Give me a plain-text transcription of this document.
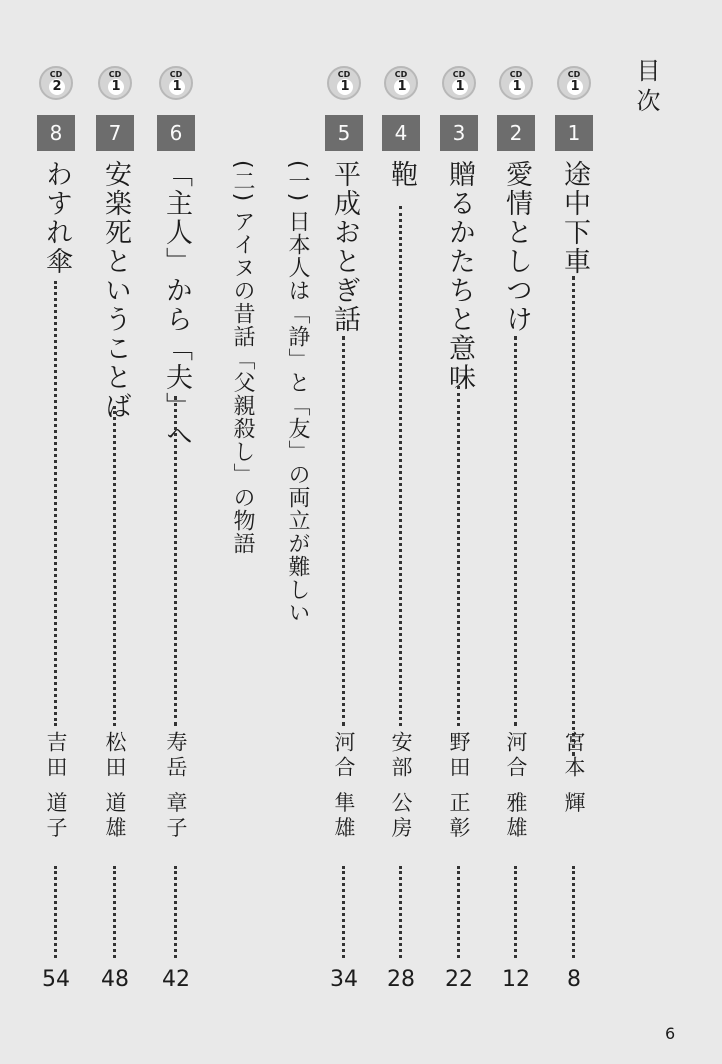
目次
CD
1
1
途中下車
宮本 輝
8
CD
1
2
愛情としつけ
河合 雅雄
12
CD
1
3
贈るかたちと意味
野田 正彰
22
CD
1
4
鞄
安部 公房
28
CD
1
5
平成おとぎ話
河合 隼雄
34
(一) 日本人は「諍」と「友」の両立が難しい
(二) アイヌの昔話「父親殺し」の物語
CD
1
6
「主人」から「夫」へ
寿岳 章子
42
CD
1
7
安楽死ということば
松田 道雄
48
CD
2
8
わすれ傘
吉田 道子
54
6
